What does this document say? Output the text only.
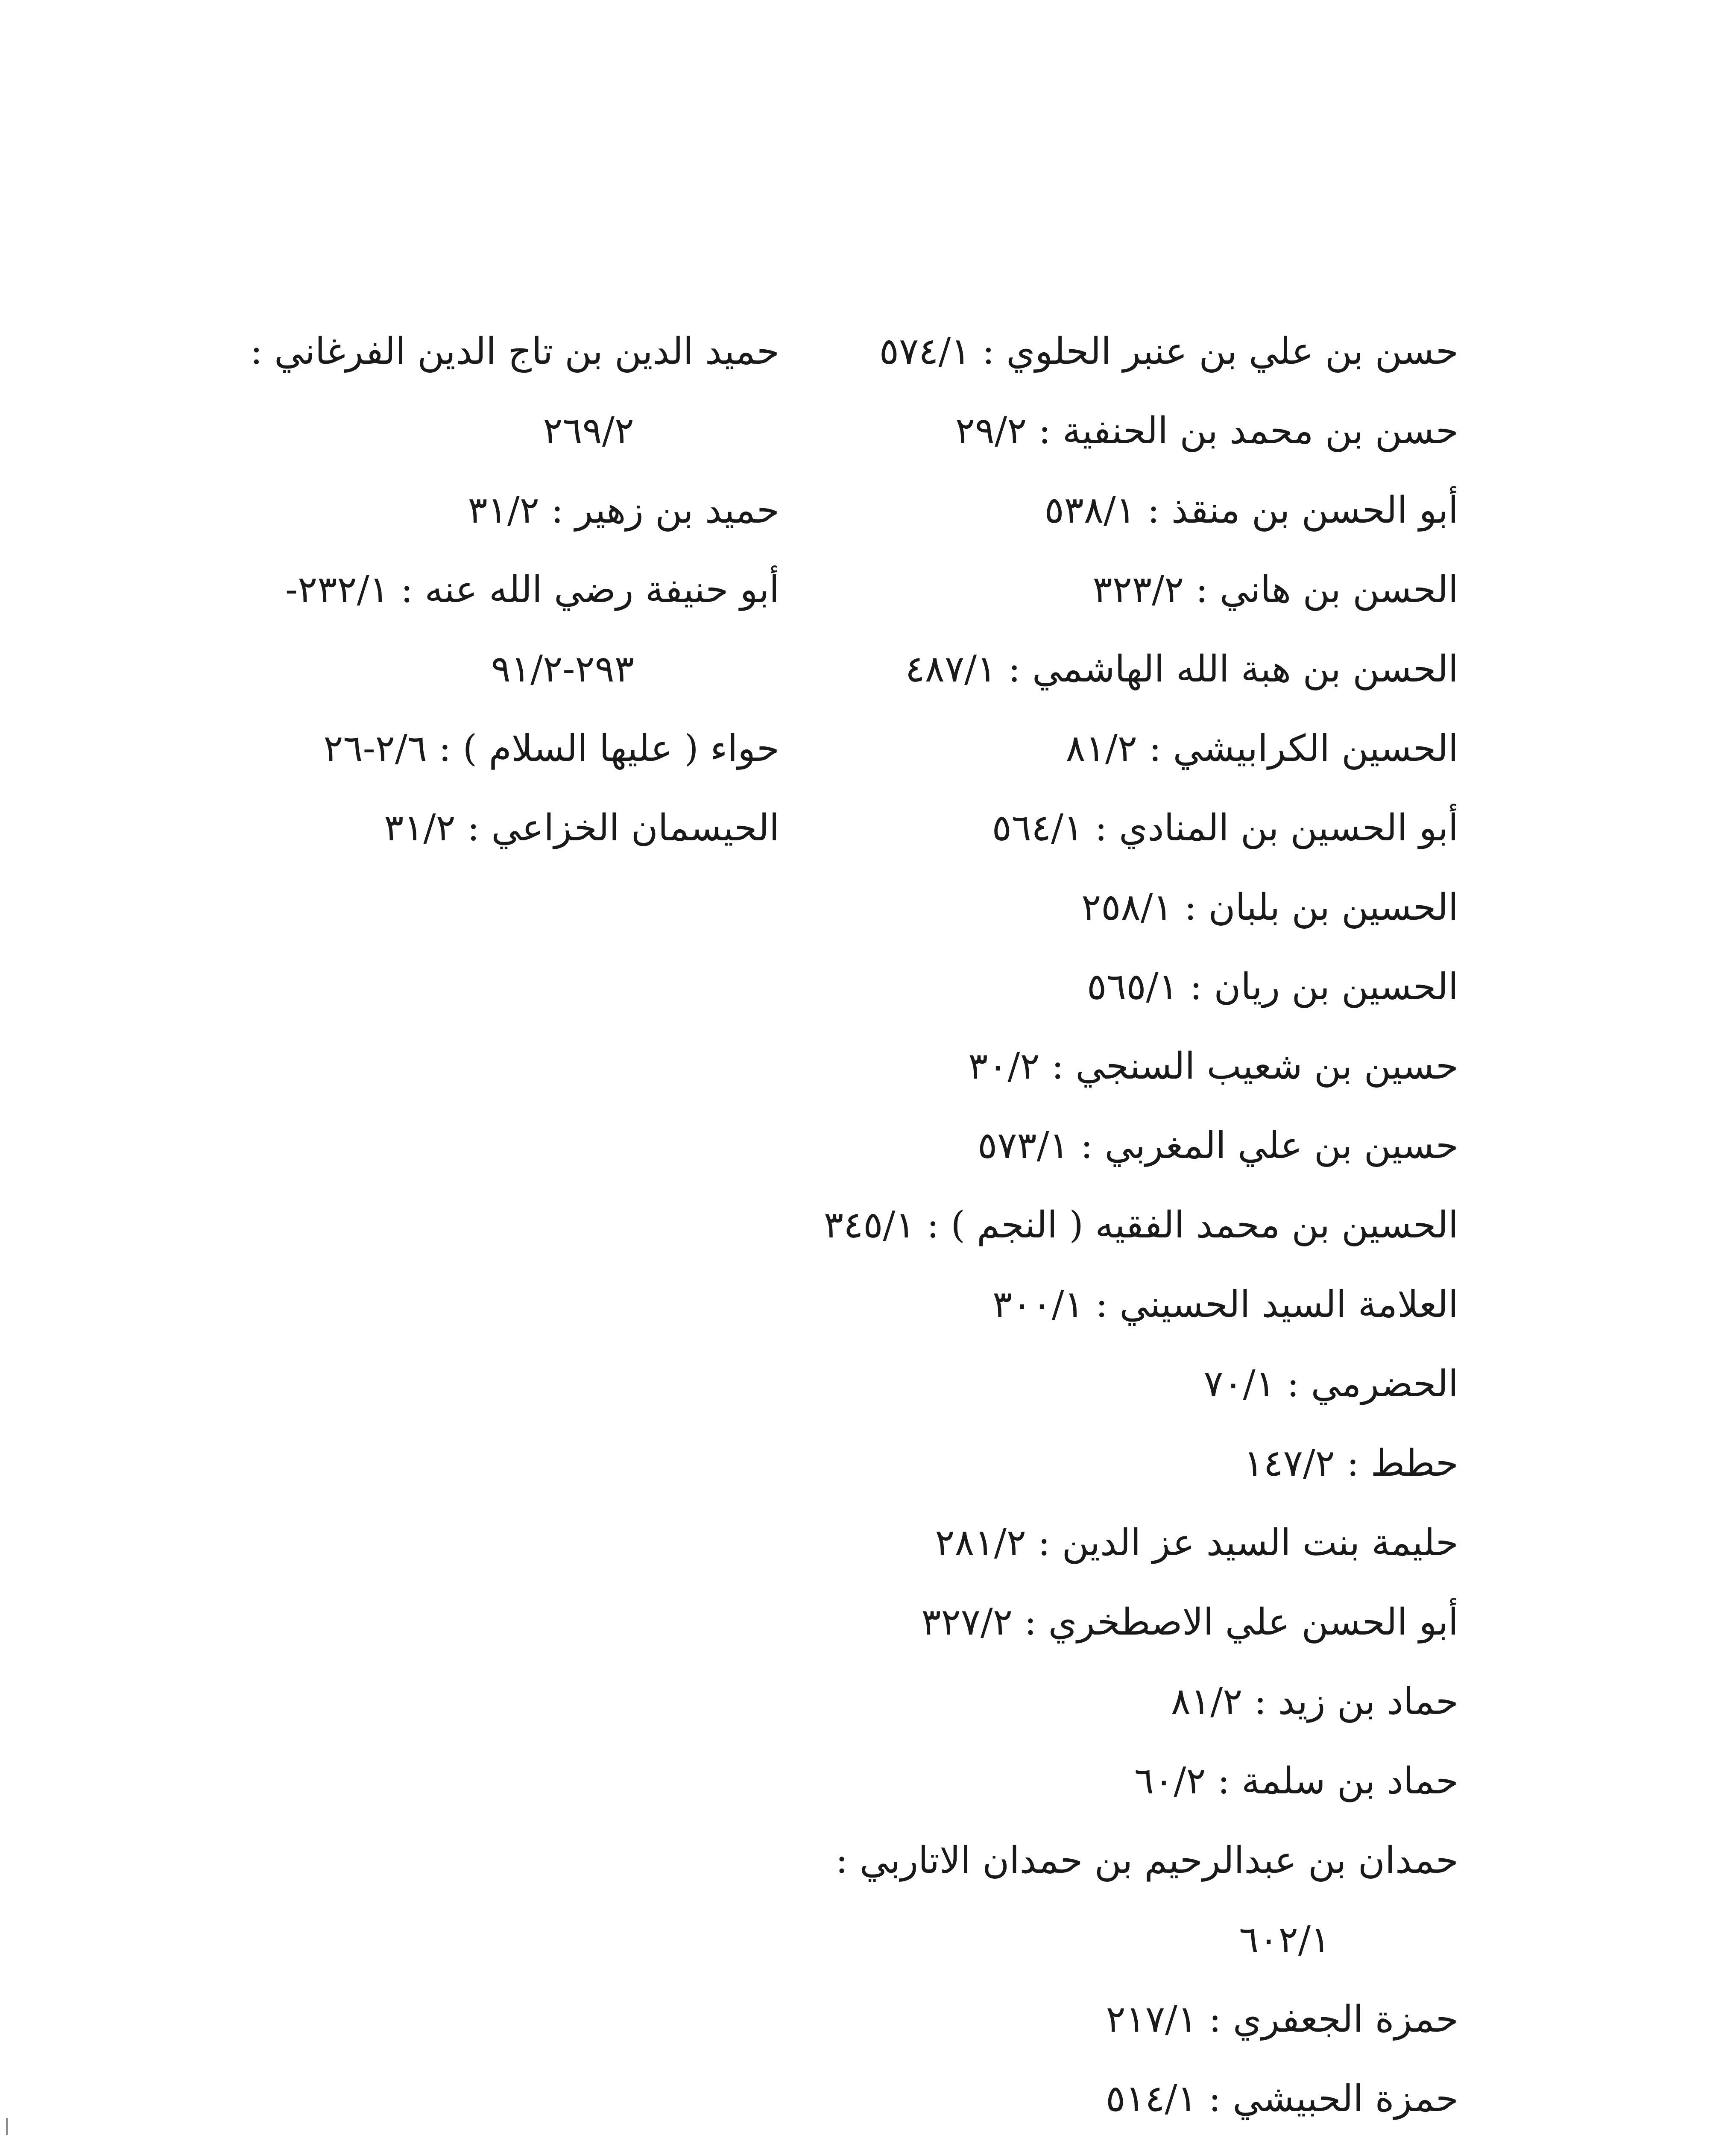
حسن بن علي بن عنبر الحلوي : ٥٧٤/١
حسن بن محمد بن الحنفية : ٢٩/٢
أبو الحسن بن منقذ : ٥٣٨/١
الحسن بن هاني : ٣٢٣/٢
الحسن بن هبة الله الهاشمي : ٤٨٧/١
الحسين الكرابيشي : ٨١/٢
أبو الحسين بن المنادي : ٥٦٤/١
الحسين بن بلبان : ٢٥٨/١
الحسين بن ريان : ٥٦٥/١
حسين بن شعيب السنجي : ٣٠/٢
حسين بن علي المغربي : ٥٧٣/١
الحسين بن محمد الفقيه ( النجم ) : ٣٤٥/١
العلامة السيد الحسيني : ٣٠٠/١
الحضرمي : ٧٠/١
حطط : ١٤٧/٢
حليمة بنت السيد عز الدين : ٢٨١/٢
أبو الحسن علي الاصطخري : ٣٢٧/٢
حماد بن زيد : ٨١/٢
حماد بن سلمة : ٦٠/٢
حمدان بن عبدالرحيم بن حمدان الاتاربي :
٦٠٢/١
حمزة الجعفري : ٢١٧/١
حمزة الحبيشي : ٥١٤/١
حميد الدين بن تاج الدين الفرغاني :
٢٦٩/٢
حميد بن زهير : ٣١/٢
أبو حنيفة رضي الله عنه : ٢٣٢/١-
٢٩٣-٩١/٢
حواء ( عليها السلام ) : ٢/٦-٢٦
الحيسمان الخزاعي : ٣١/٢
